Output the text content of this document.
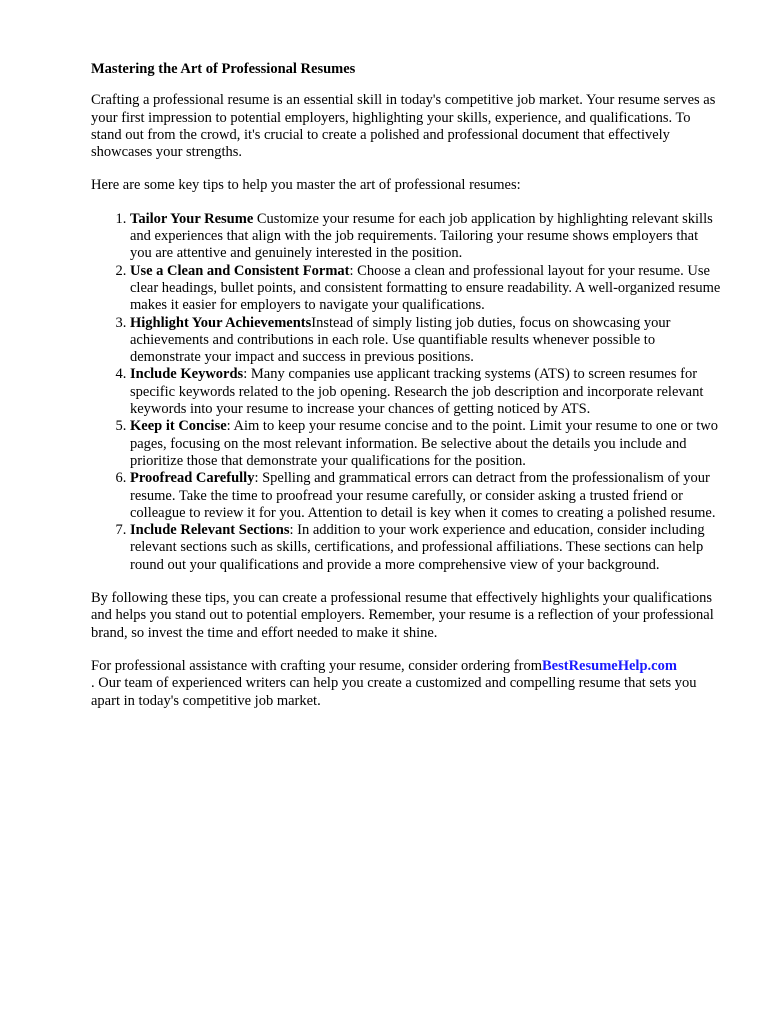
Mastering the Art of Professional Resumes

Crafting a professional resume is an essential skill in today's competitive job market. Your resume serves as your first impression to potential employers, highlighting your skills, experience, and qualifications. To stand out from the crowd, it's crucial to create a polished and professional document that effectively showcases your strengths.

Here are some key tips to help you master the art of professional resumes:

1. Tailor Your Resume Customize your resume for each job application by highlighting relevant skills and experiences that align with the job requirements. Tailoring your resume shows employers that you are attentive and genuinely interested in the position.
2. Use a Clean and Consistent Format: Choose a clean and professional layout for your resume. Use clear headings, bullet points, and consistent formatting to ensure readability. A well-organized resume makes it easier for employers to navigate your qualifications.
3. Highlight Your AchievementsInstead of simply listing job duties, focus on showcasing your achievements and contributions in each role. Use quantifiable results whenever possible to demonstrate your impact and success in previous positions.
4. Include Keywords: Many companies use applicant tracking systems (ATS) to screen resumes for specific keywords related to the job opening. Research the job description and incorporate relevant keywords into your resume to increase your chances of getting noticed by ATS.
5. Keep it Concise: Aim to keep your resume concise and to the point. Limit your resume to one or two pages, focusing on the most relevant information. Be selective about the details you include and prioritize those that demonstrate your qualifications for the position.
6. Proofread Carefully: Spelling and grammatical errors can detract from the professionalism of your resume. Take the time to proofread your resume carefully, or consider asking a trusted friend or colleague to review it for you. Attention to detail is key when it comes to creating a polished resume.
7. Include Relevant Sections: In addition to your work experience and education, consider including relevant sections such as skills, certifications, and professional affiliations. These sections can help round out your qualifications and provide a more comprehensive view of your background.

By following these tips, you can create a professional resume that effectively highlights your qualifications and helps you stand out to potential employers. Remember, your resume is a reflection of your professional brand, so invest the time and effort needed to make it shine.

For professional assistance with crafting your resume, consider ordering fromBestResumeHelp.com
. Our team of experienced writers can help you create a customized and compelling resume that sets you apart in today's competitive job market.
